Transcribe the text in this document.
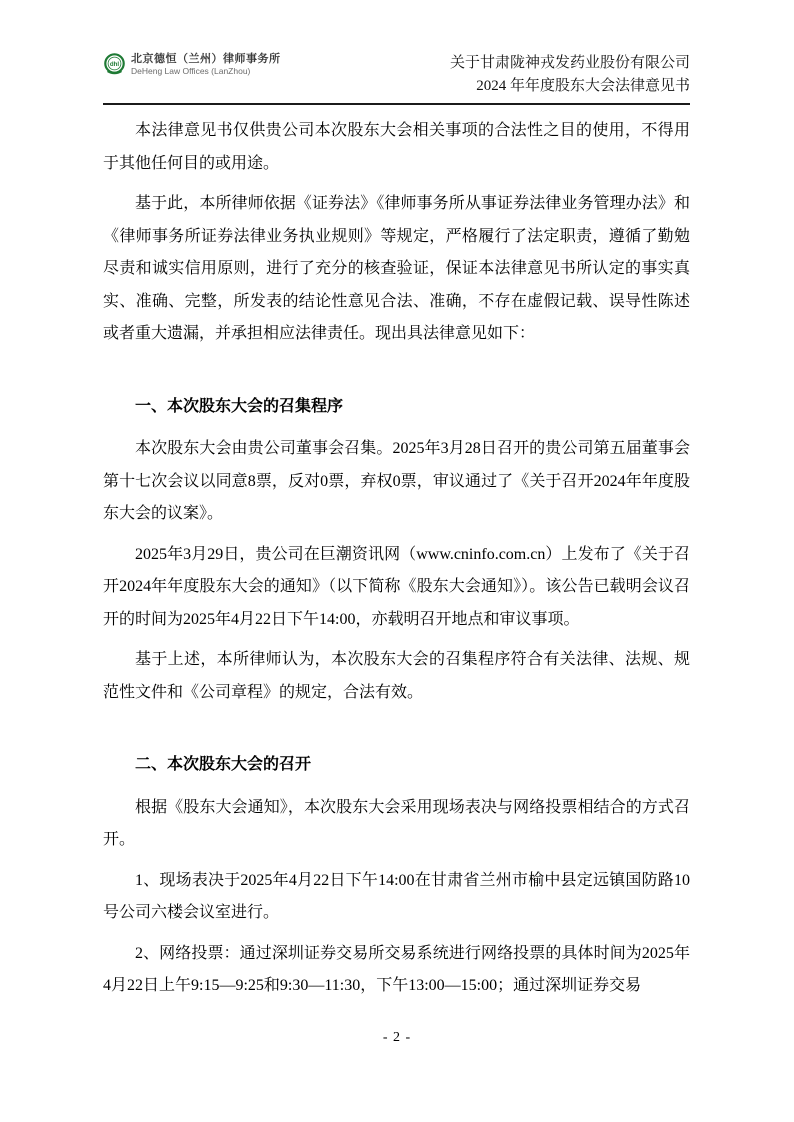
dhl 北京德恒（兰州）律师事务所
DeHeng Law Offices (LanZhou)	关于甘肃陇神戎发药业股份有限公司
2024 年年度股东大会法律意见书

本法律意见书仅供贵公司本次股东大会相关事项的合法性之目的使用，不得用于其他任何目的或用途。

基于此，本所律师依据《证券法》《律师事务所从事证券法律业务管理办法》和《律师事务所证券法律业务执业规则》等规定，严格履行了法定职责，遵循了勤勉尽责和诚实信用原则，进行了充分的核查验证，保证本法律意见书所认定的事实真实、准确、完整，所发表的结论性意见合法、准确，不存在虚假记载、误导性陈述或者重大遗漏，并承担相应法律责任。现出具法律意见如下：

一、本次股东大会的召集程序

本次股东大会由贵公司董事会召集。2025年3月28日召开的贵公司第五届董事会第十七次会议以同意8票，反对0票，弃权0票，审议通过了《关于召开2024年年度股东大会的议案》。

2025年3月29日，贵公司在巨潮资讯网（www.cninfo.com.cn）上发布了《关于召开2024年年度股东大会的通知》（以下简称《股东大会通知》）。该公告已载明会议召开的时间为2025年4月22日下午14:00，亦载明召开地点和审议事项。

基于上述，本所律师认为，本次股东大会的召集程序符合有关法律、法规、规范性文件和《公司章程》的规定，合法有效。

二、本次股东大会的召开

根据《股东大会通知》，本次股东大会采用现场表决与网络投票相结合的方式召开。

1、现场表决于2025年4月22日下午14:00在甘肃省兰州市榆中县定远镇国防路10号公司六楼会议室进行。

2、网络投票：通过深圳证券交易所交易系统进行网络投票的具体时间为2025年4月22日上午9:15—9:25和9:30—11:30，下午13:00—15:00；通过深圳证券交易

- 2 -
